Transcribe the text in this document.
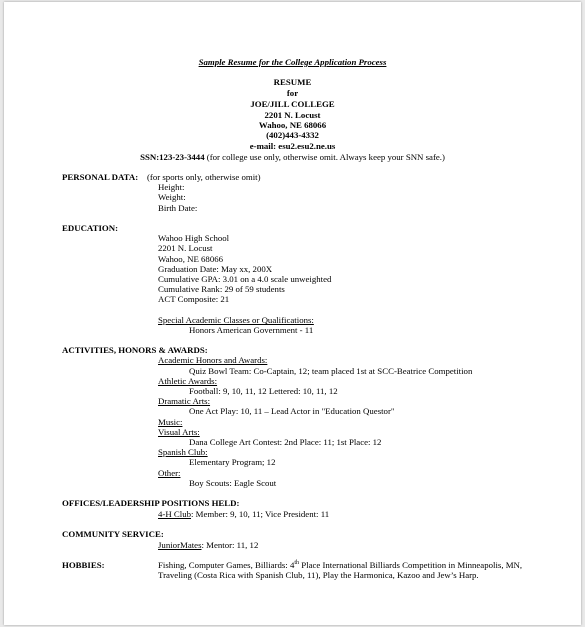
Sample Resume for the College Application Process
RESUME
for
JOE/JILL COLLEGE
2201 N. Locust
Wahoo, NE 68066
(402)443-4332
e-mail: esu2.esu2.ne.us
SSN:123-23-3444 (for college use only, otherwise omit. Always keep your SNN safe.)
PERSONAL DATA: (for sports only, otherwise omit)
Height:
Weight:
Birth Date:
EDUCATION:
Wahoo High School
2201 N. Locust
Wahoo, NE 68066
Graduation Date: May xx, 200X
Cumulative GPA: 3.01 on a 4.0 scale unweighted
Cumulative Rank: 29 of 59 students
ACT Composite: 21
Special Academic Classes or Qualifications:
Honors American Government - 11
ACTIVITIES, HONORS & AWARDS:
Academic Honors and Awards:
Quiz Bowl Team: Co-Captain, 12; team placed 1st at SCC-Beatrice Competition
Athletic Awards:
Football: 9, 10, 11, 12 Lettered: 10, 11, 12
Dramatic Arts:
One Act Play: 10, 11 – Lead Actor in "Education Questor"
Music:
Visual Arts:
Dana College Art Contest: 2nd Place: 11; 1st Place: 12
Spanish Club:
Elementary Program; 12
Other:
Boy Scouts: Eagle Scout
OFFICES/LEADERSHIP POSITIONS HELD:
4-H Club: Member: 9, 10, 11; Vice President: 11
COMMUNITY SERVICE:
JuniorMates: Mentor: 11, 12
HOBBIES:	Fishing, Computer Games, Billiards: 4th Place International Billiards Competition in Minneapolis, MN,
Traveling (Costa Rica with Spanish Club, 11), Play the Harmonica, Kazoo and Jew’s Harp.
